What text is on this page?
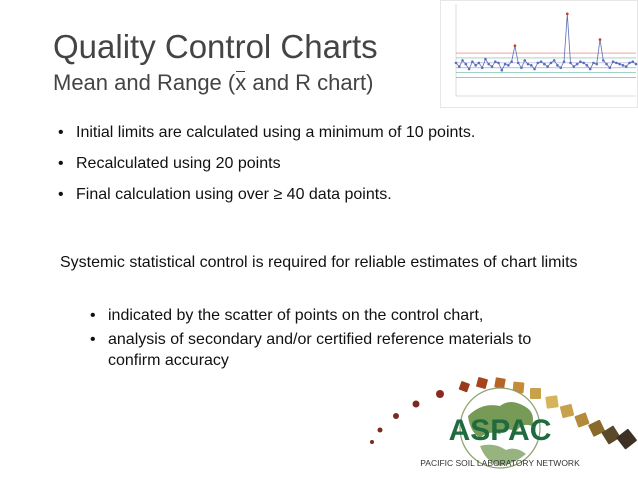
Quality Control Charts
Mean and Range (x and R chart)
• Initial limits are calculated using a minimum of 10 points.
• Recalculated using 20 points
• Final calculation using over ≥ 40 data points.

Systemic statistical control is required for reliable estimates of chart limits

• indicated by the scatter of points on the control chart,
• analysis of secondary and/or certified reference materials to confirm accuracy
ASPAC
PACIFIC SOIL LABORATORY NETWORK
